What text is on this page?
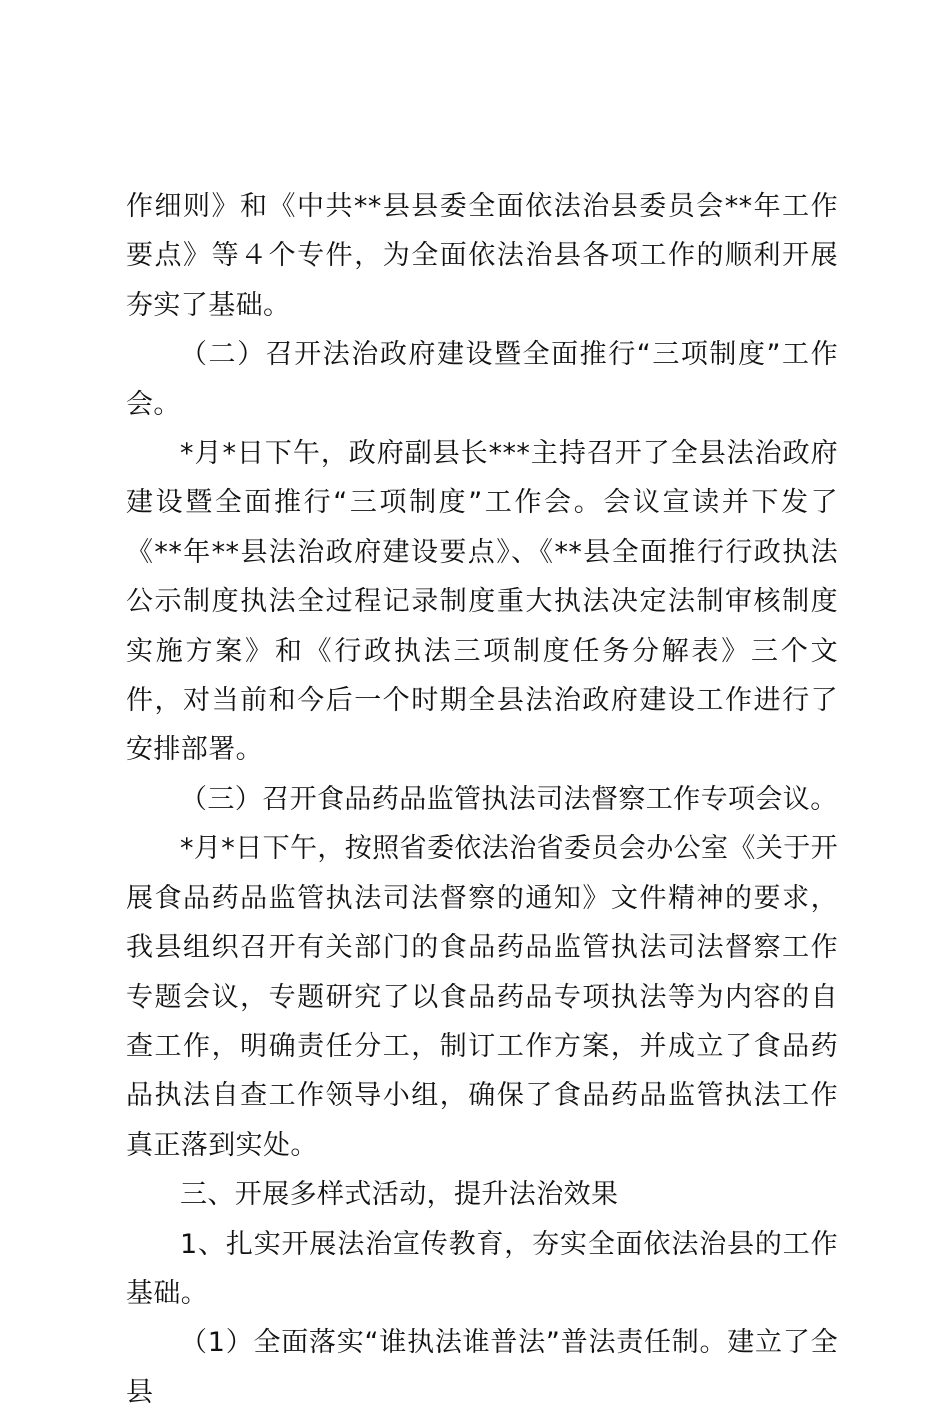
作细则》和《中共**县县委全面依法治县委员会**年工作要点》等４个专件，为全面依法治县各项工作的顺利开展夯实了基础。

（二）召开法治政府建设暨全面推行“三项制度”工作会。

*月*日下午，政府副县长***主持召开了全县法治政府建设暨全面推行“三项制度”工作会。会议宣读并下发了《**年**县法治政府建设要点》、《**县全面推行行政执法公示制度执法全过程记录制度重大执法决定法制审核制度实施方案》和《行政执法三项制度任务分解表》三个文件，对当前和今后一个时期全县法治政府建设工作进行了安排部署。

（三）召开食品药品监管执法司法督察工作专项会议。

*月*日下午，按照省委依法治省委员会办公室《关于开展食品药品监管执法司法督察的通知》文件精神的要求，我县组织召开有关部门的食品药品监管执法司法督察工作专题会议，专题研究了以食品药品专项执法等为内容的自查工作，明确责任分工，制订工作方案，并成立了食品药品执法自查工作领导小组，确保了食品药品监管执法工作真正落到实处。

三、开展多样式活动，提升法治效果

1、扎实开展法治宣传教育，夯实全面依法治县的工作基础。

（1）全面落实“谁执法谁普法”普法责任制。建立了全县
